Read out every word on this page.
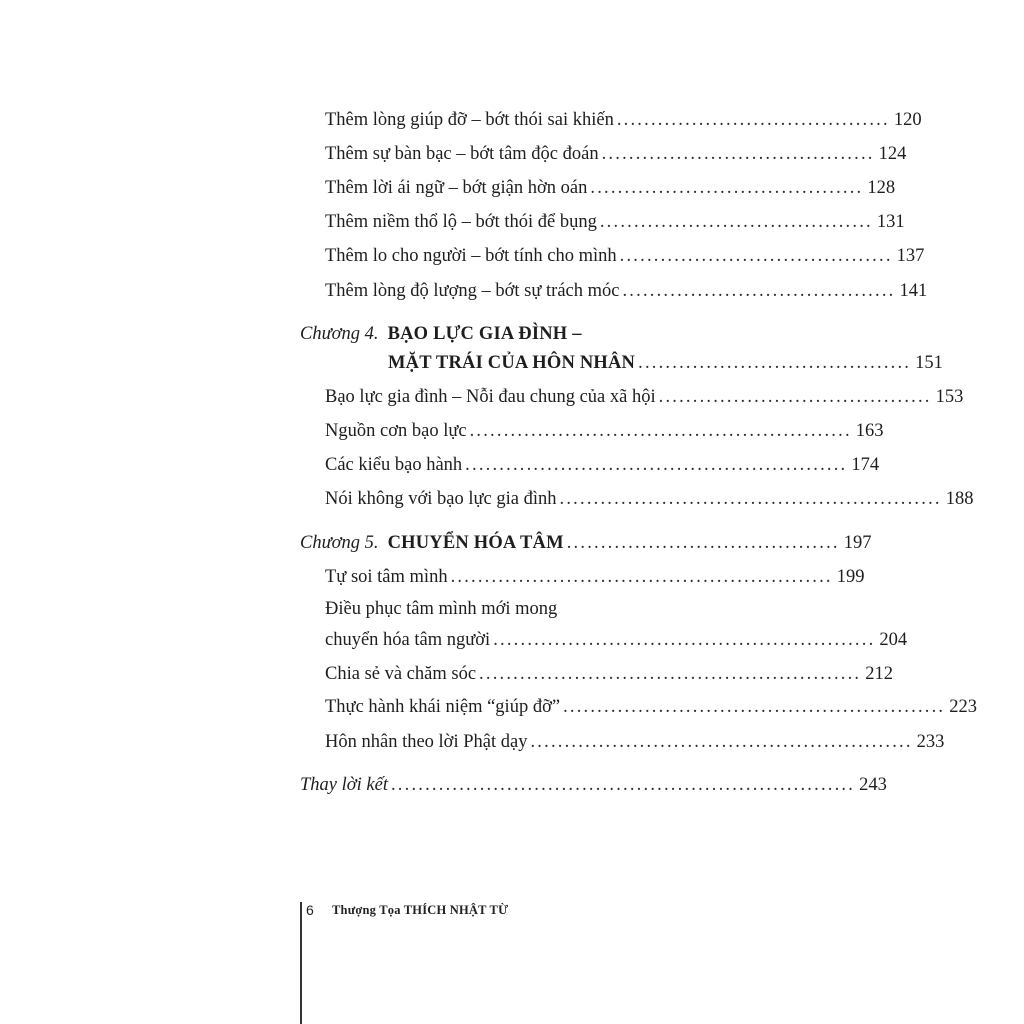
Thêm lòng giúp đỡ – bớt thói sai khiến ........................................ 120
Thêm sự bàn bạc – bớt tâm độc đoán ........................................ 124
Thêm lời ái ngữ – bớt giận hờn oán ........................................ 128
Thêm niềm thổ lộ – bớt thói để bụng ........................................ 131
Thêm lo cho người – bớt tính cho mình ........................................ 137
Thêm lòng độ lượng – bớt sự trách móc ........................................ 141
Chương 4. BẠO LỰC GIA ĐÌNH –
MẶT TRÁI CỦA HÔN NHÂN ........................................ 151
Bạo lực gia đình – Nỗi đau chung của xã hội ........................................ 153
Nguồn cơn bạo lực ........................................................ 163
Các kiểu bạo hành ........................................................ 174
Nói không với bạo lực gia đình ........................................................ 188
Chương 5. CHUYỂN HÓA TÂM ........................................ 197
Tự soi tâm mình ........................................................ 199
Điều phục tâm mình mới mong
chuyển hóa tâm người ........................................................ 204
Chia sẻ và chăm sóc ........................................................ 212
Thực hành khái niệm “giúp đỡ” ........................................................ 223
Hôn nhân theo lời Phật dạy ........................................................ 233
Thay lời kết .................................................................... 243
6 Thượng Tọa THÍCH NHẬT TỪ
